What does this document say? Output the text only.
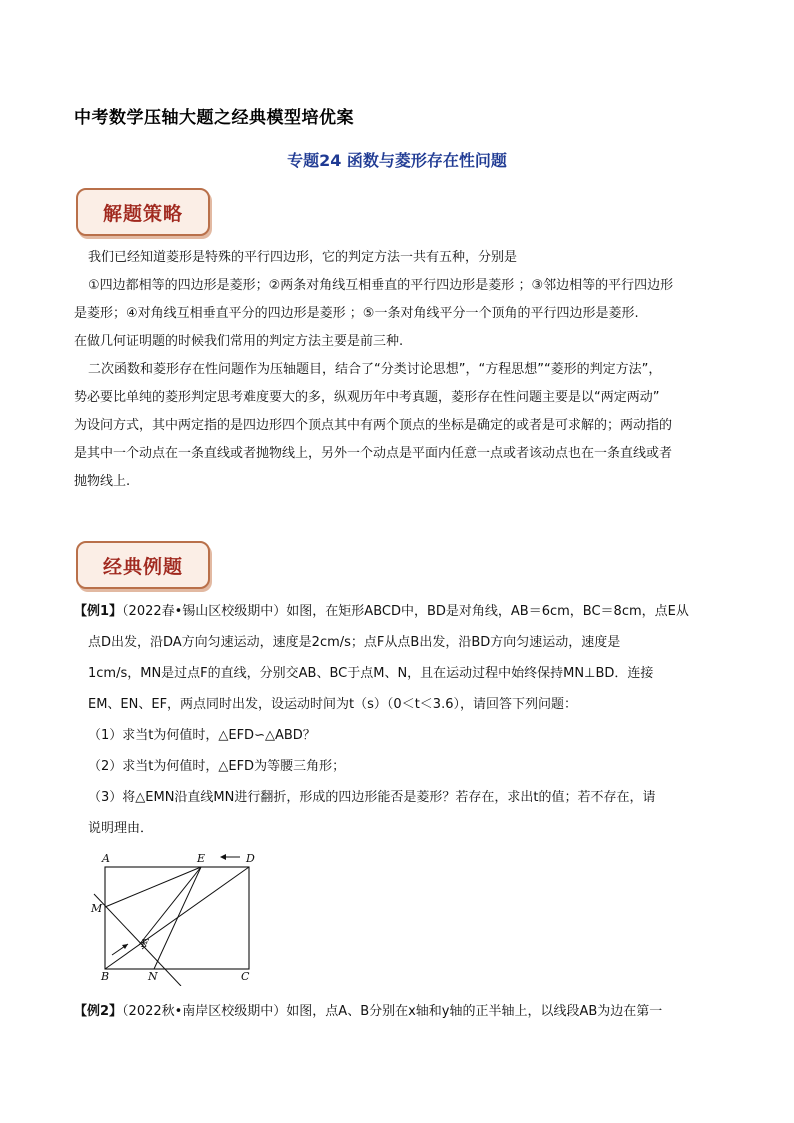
中考数学压轴大题之经典模型培优案
专题24 函数与菱形存在性问题
解题策略

我们已经知道菱形是特殊的平行四边形，它的判定方法一共有五种，分别是

①四边都相等的四边形是菱形；②两条对角线互相垂直的平行四边形是菱形 ；③邻边相等的平行四边形

是菱形；④对角线互相垂直平分的四边形是菱形 ；⑤一条对角线平分一个顶角的平行四边形是菱形.

在做几何证明题的时候我们常用的判定方法主要是前三种.

二次函数和菱形存在性问题作为压轴题目，结合了“分类讨论思想”，“方程思想”“菱形的判定方法”，

势必要比单纯的菱形判定思考难度要大的多，纵观历年中考真题，菱形存在性问题主要是以“两定两动”

为设问方式，其中两定指的是四边形四个顶点其中有两个顶点的坐标是确定的或者是可求解的；两动指的

是其中一个动点在一条直线或者抛物线上，另外一个动点是平面内任意一点或者该动点也在一条直线或者

抛物线上.

经典例题

【例1】（2022春•锡山区校级期中）如图，在矩形ABCD中，BD是对角线，AB＝6cm，BC＝8cm，点E从

点D出发，沿DA方向匀速运动，速度是2cm/s；点F从点B出发，沿BD方向匀速运动，速度是

1cm/s，MN是过点F的直线，分别交AB、BC于点M、N，且在运动过程中始终保持MN⊥BD．连接

EM、EN、EF，两点同时出发，设运动时间为t（s）（0＜t＜3.6），请回答下列问题：

（1）求当t为何值时，△EFD∽△ABD？

（2）求当t为何值时，△EFD为等腰三角形；

（3）将△EMN沿直线MN进行翻折，形成的四边形能否是菱形？若存在，求出t的值；若不存在，请

说明理由．

A	E	D
M
F
B	N	C

【例2】（2022秋•南岸区校级期中）如图，点A、B分别在x轴和y轴的正半轴上，以线段AB为边在第一
